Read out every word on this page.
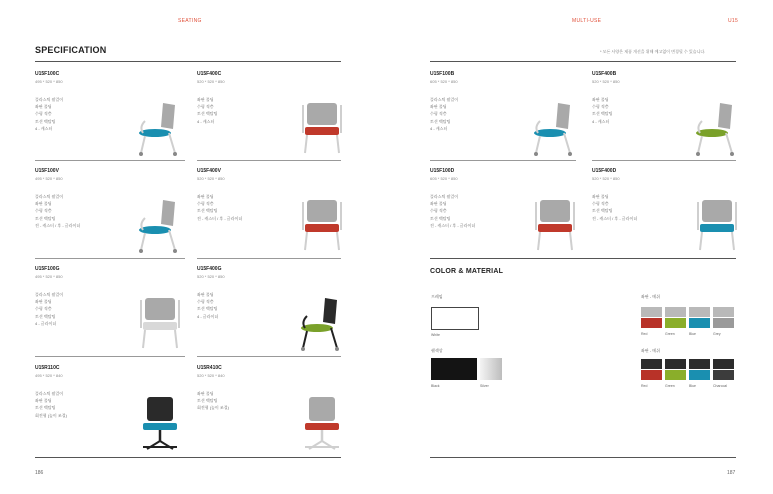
SEATING	MULTI-USE	U15
SPECIFICATION	* 모든 사양은 제품 개선을 위해 예고없이 변경될 수 있습니다.
COLOR & MATERIAL
프레임
White
쉘색상
Black	Silver
좌판 - 메쉬
좌판 - 메쉬
186	187
U15F100C
495 * 520 * 850
플라스틱 팔걸이
좌판 폴딩
수평 적층
토션 백탈팅
4 - 캐스터
U15F400C
520 * 520 * 850
좌판 폴딩
수평 적층
토션 백탈팅
4 - 캐스터
U15F100V
495 * 520 * 850
플라스틱 팔걸이
좌판 폴딩
수평 적층
토션 백탈팅
전 - 캐스터 / 후 - 글라이더
U15F400V
520 * 520 * 850
좌판 폴딩
수평 적층
토션 백탈팅
전 - 캐스터 / 후 - 글라이더
U15F100G
495 * 520 * 850
플라스틱 팔걸이
좌판 폴딩
수평 적층
토션 백탈팅
4 - 글라이더
U15F400G
520 * 520 * 850
좌판 폴딩
수평 적층
토션 백탈팅
4 - 글라이더
U15R110C
495 * 520 * 840
플라스틱 팔걸이
좌판 폴딩
토션 백탈팅
회전형 (높이 조절)
U15R410C
520 * 520 * 840
좌판 폴딩
토션 백탈팅
회전형 (높이 조절)
U15F100B
605 * 520 * 850
플라스틱 팔걸이
좌판 폴딩
수평 적층
토션 백탈팅
4 - 캐스터
U15F400B
520 * 520 * 850
좌판 폴딩
수평 적층
토션 백탈팅
4 - 캐스터
U15F100D
605 * 520 * 850
플라스틱 팔걸이
좌판 폴딩
수평 적층
토션 백탈팅
전 - 캐스터 / 후 - 글라이더
U15F400D
520 * 520 * 850
좌판 폴딩
수평 적층
토션 백탈팅
전 - 캐스터 / 후 - 글라이더
Red	Green	Blue	Grey
Red	Green	Blue	Charcoal
